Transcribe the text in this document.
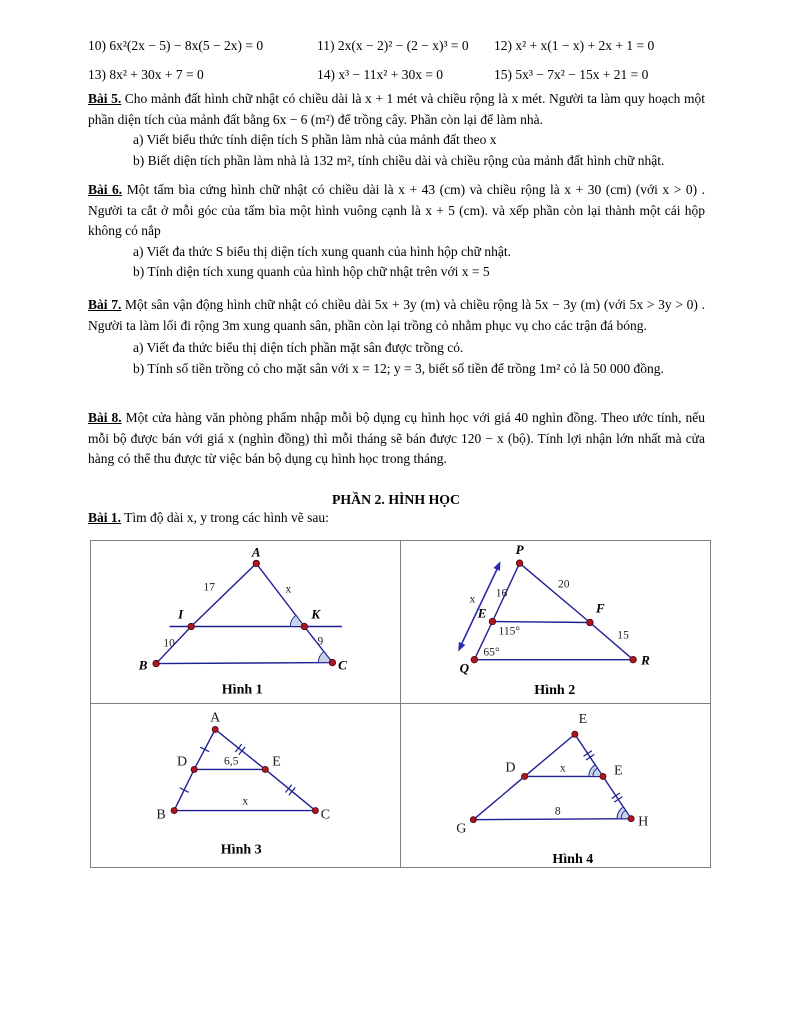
10) 6x²(2x − 5) − 8x(5 − 2x) = 0	11) 2x(x − 2)² − (2 − x)³ = 0 12) x² + x(1 − x) + 2x + 1 = 0
13) 8x² + 30x + 7 = 0	14) x³ − 11x² + 30x = 0	15) 5x³ − 7x² − 15x + 21 = 0
Bài 5. Cho mảnh đất hình chữ nhật có chiều dài là x + 1 mét và chiều rộng là x mét. Người ta làm quy hoạch một phần diện tích của mảnh đất bằng 6x − 6 (m²) để trồng cây. Phần còn lại để làm nhà.
a) Viết biểu thức tính diện tích S phần làm nhà của mảnh đất theo x
b) Biết diện tích phần làm nhà là 132 m², tính chiều dài và chiều rộng của mảnh đất hình chữ nhật.
Bài 6. Một tấm bìa cứng hình chữ nhật có chiều dài là x + 43 (cm) và chiều rộng là x + 30 (cm) (với x > 0) . Người ta cắt ở mỗi góc của tấm bìa một hình vuông cạnh là x + 5 (cm). và xếp phần còn lại thành một cái hộp không có nắp
a) Viết đa thức S biểu thị diện tích xung quanh của hình hộp chữ nhật.
b) Tính diện tích xung quanh của hình hộp chữ nhật trên với x = 5
Bài 7. Một sân vận động hình chữ nhật có chiều dài 5x + 3y (m) và chiều rộng là 5x − 3y (m) (với 5x > 3y > 0) . Người ta làm lối đi rộng 3m xung quanh sân, phần còn lại trồng cỏ nhằm phục vụ cho các trận đá bóng.
a) Viết đa thức biểu thị diện tích phần mặt sân được trồng cỏ.
b) Tính số tiền trồng cỏ cho mặt sân với x = 12; y = 3, biết số tiền để trồng 1m² cỏ là 50 000 đồng.
Bài 8. Một cửa hàng văn phòng phẩm nhập mỗi bộ dụng cụ hình học với giá 40 nghìn đồng. Theo ước tính, nếu mỗi bộ được bán với giá x (nghìn đồng) thì mỗi tháng sẽ bán được 120 − x (bộ). Tính lợi nhận lớn nhất mà cửa hàng có thể thu được từ việc bán bộ dụng cụ hình học trong tháng.
PHẦN 2. HÌNH HỌC
Bài 1. Tìm độ dài x, y trong các hình vẽ sau:
A
I	K
B	C
17	x
10	9
Hình 1
P
E	F
Q
R
16
20
15
x
115°
65°
Hình 2
A
D	E
B	C
6,5
x
Hình 3
E
D	E
G	H
x
8
Hình 4
